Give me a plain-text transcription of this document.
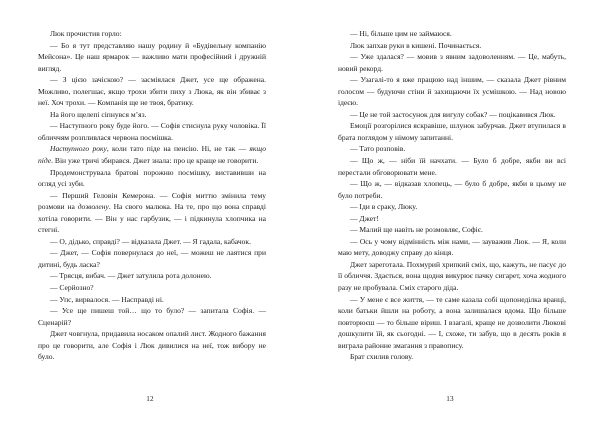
Люк прочистив горло:

— Бо я тут представляю нашу родину й «Будівельну компанію Мейсона». Це наш ярмарок — важливо мати професійний і дружній вигляд.

— З цією зачіскою? — засміялася Джет, усе ще ображена. Можливо, полегшає, якщо трохи збити пиху з Люка, як він збиває з неї. Хоч трохи. — Компанія ще не твоя, братику.

На його щелепі сіпнувся м’яз.

— Наступного року буде його. — Софія стиснула руку чоловіка. Її обличчям розпливлася червона посмішка.

Наступного року, коли тато піде на пенсію. Ні, не так — якщо піде. Він уже тричі збирався. Джет знала: про це краще не говорити.

Продемонструвала братові порожню посмішку, виставивши на огляд усі зуби.

— Перший Геловін Кемерона. — Софія миттю змінила тему розмови на дозволену. На свого малюка. На те, про що вона справді хотіла говорити. — Він у нас гарбузик, — і підкинула хлопчика на стегні.

— О, дідько, справді? — відказала Джет. — Я гадала, кабачок.

— Джет, — Софія повернулася до неї, — можеш не лаятися при дитині, будь ласка?

— Трясця, вибач. — Джет затулила рота долонею.

— Серйозно?

— Упс, вирвалося. — Насправді ні.

— Усе ще пишеш той… що то було? — запитала Софія. — Сценарій?

Джет човгнула, придавила носаком опалий лист. Жодного бажання про це говорити, але Софія і Люк дивилися на неї, тож вибору не було.

12

— Ні, більше цим не займаюся.

Люк запхав руки в кишені. Починається.

— Уже здалася? — мовив з явним задоволенням. — Це, мабуть, новий рекорд.

— Узагалі-то я вже працюю над іншим, — сказала Джет рівним голосом — будуючи стіни й захищаючи їх усмішкою. — Над новою ідеєю.

— Це не той застосунок для вигулу собак? — поцікавився Люк.

Емоції розгорілися яскравіше, шлунок забурчав. Джет втупилася в брата поглядом у німому запитанні.

— Тато розповів.

— Що ж, — ніби їй начхати. — Було б добре, якби ви всі перестали обговорювати мене.

— Що ж, — відказав хлопець, — було б добре, якби в цьому не було потреби.

— Іди в сраку, Люку.

— Джет!

— Малий ще навіть не розмовляє, Софіє.

— Ось у чому відмінність між нами, — зауважив Люк. — Я, коли маю мету, доводжу справу до кінця.

Джет зареготала. Похмурий хрипкий сміх, що, кажуть, не пасує до її обличчя. Здається, вона щодня викурює пачку сигарет, хоча жодного разу не пробувала. Сміх старого діда.

— У мене є все життя, — те саме казала собі щопонеділка вранці, коли батьки йшли на роботу, а вона залишалася вдома. Що більше повторюєш — то більше віриш. І взагалі, краще не дозволити Люкові дошкулити їй, як сьогодні. — І, схоже, ти забув, що в десять років я виграла районне змагання з правопису.

Брат схилив голову.

13
